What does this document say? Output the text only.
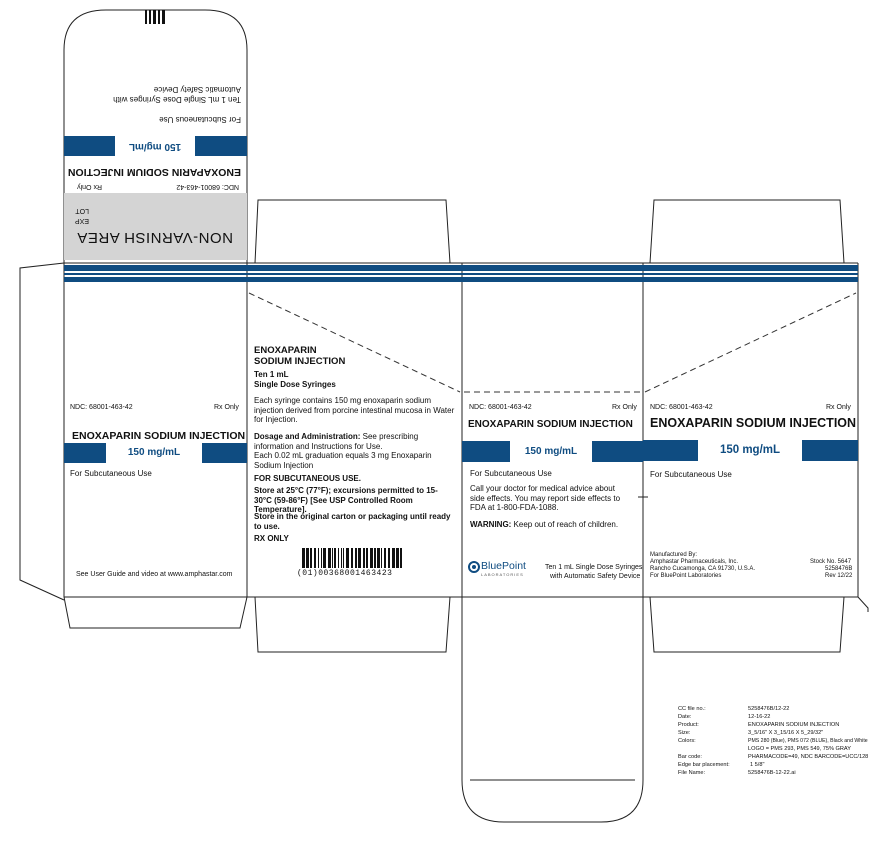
NON-VARNISH AREA
EXP
LOT
NDC: 68001-463-42
Rx Only
ENOXAPARIN SODIUM INJECTION
150 mg/mL
For Subcutaneous Use
Ten 1 mL Single Dose Syringes with
Automatic Safety Device
NDC: 68001-463-42	Rx Only
ENOXAPARIN SODIUM INJECTION
150 mg/mL
For Subcutaneous Use
See User Guide and video at www.amphastar.com
ENOXAPARIN
SODIUM INJECTION
Ten 1 mL
Single Dose Syringes
Each syringe contains 150 mg enoxaparin sodium injection derived from porcine intestinal mucosa in Water for Injection.
Dosage and Administration: See prescribing information and Instructions for Use.
Each 0.02 mL graduation equals 3 mg Enoxaparin Sodium Injection
FOR SUBCUTANEOUS USE.
Store at 25°C (77°F); excursions permitted to 15-30°C (59-86°F) [See USP Controlled Room Temperature].
Store in the original carton or packaging until ready to use.
RX ONLY
(01)00368001463423
NDC: 68001-463-42	Rx Only
ENOXAPARIN SODIUM INJECTION
150 mg/mL
For Subcutaneous Use
Call your doctor for medical advice about side effects. You may report side effects to FDA at 1-800-FDA-1088.
WARNING: Keep out of reach of children.
BluePoint
LABORATORIES
Ten 1 mL Single Dose Syringes
with Automatic Safety Device
NDC: 68001-463-42	Rx Only
ENOXAPARIN SODIUM INJECTION
150 mg/mL
For Subcutaneous Use
Manufactured By:
Amphastar Pharmaceuticals, Inc.
Rancho Cucamonga, CA 91730, U.S.A.
For BluePoint Laboratories
Stock No. 5647
5258476B
Rev 12/22
CC file no.:	5258476B/12-22
Date:	12-16-22
Product:	ENOXAPARIN SODIUM INJECTION
Size:	3_5/16" X 3_15/16 X 5_29/32"
Colors:	PMS 280 (Blue), PMS 072 (BLUE), Black and White
LOGO = PMS 293, PMS 549, 75% GRAY
Bar code:	PHARMACODE=49, NDC BARCODE=UCC/128
Edge bar placement:	1 5/8"
File Name:	5258476B-12-22.ai
